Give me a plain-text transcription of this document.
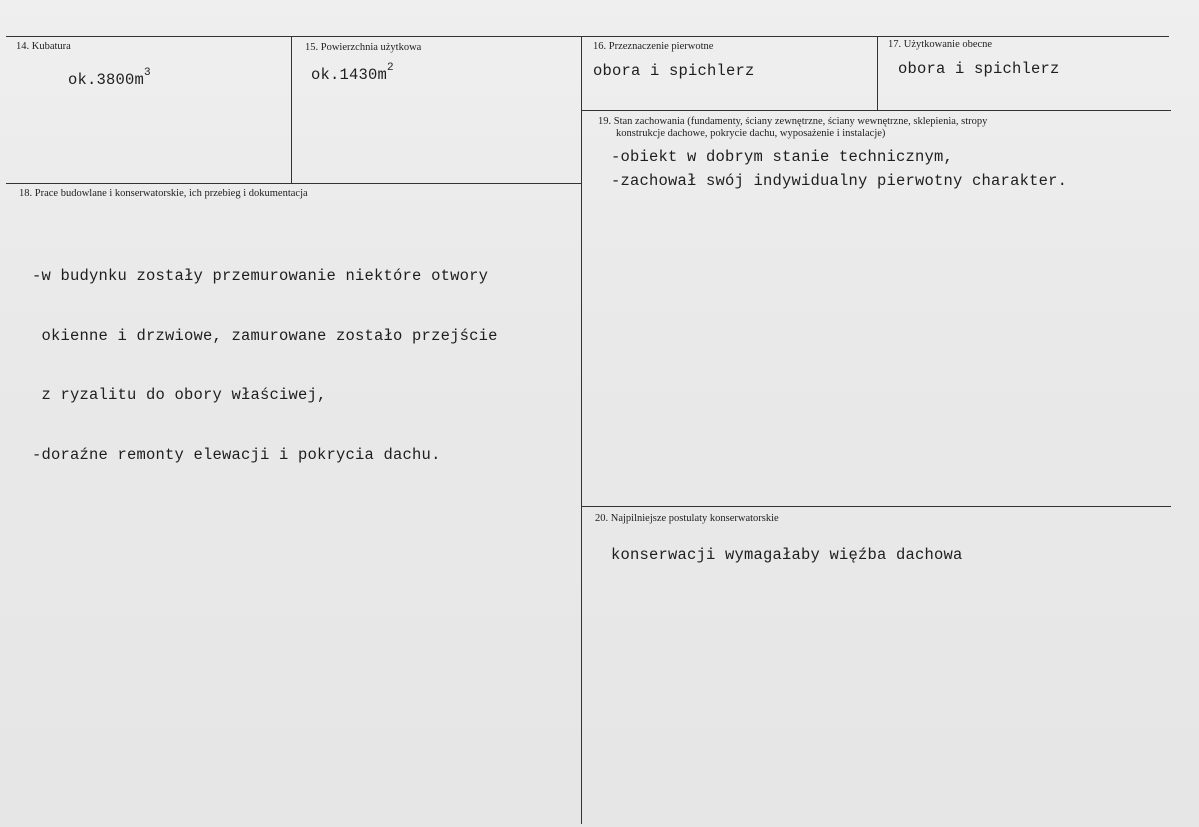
14. Kubatura
$ok.3800m^3$
15. Powierzchnia użytkowa
$ok.1430m^2$
16. Przeznaczenie pierwotne
obora i spichlerz
17. Użytkowanie obecne
obora i spichlerz
19. Stan zachowania (fundamenty, ściany zewnętrzne, ściany wewnętrzne, sklepienia, stropy
konstrukcje dachowe, pokrycie dachu, wyposażenie i instalacje)
-obiekt w dobrym stanie technicznym,
-zachował swój indywidualny pierwotny charakter.
18. Prace budowlane i konserwatorskie, ich przebieg i dokumentacja

-w budynku zostały przemurowanie niektóre otwory

okienne i drzwiowe, zamurowane zostało przejście

z ryzalitu do obory właściwej,

-doraźne remonty elewacji i pokrycia dachu.

20. Najpilniejsze postulaty konserwatorskie
konserwacji wymagałaby więźba dachowa
